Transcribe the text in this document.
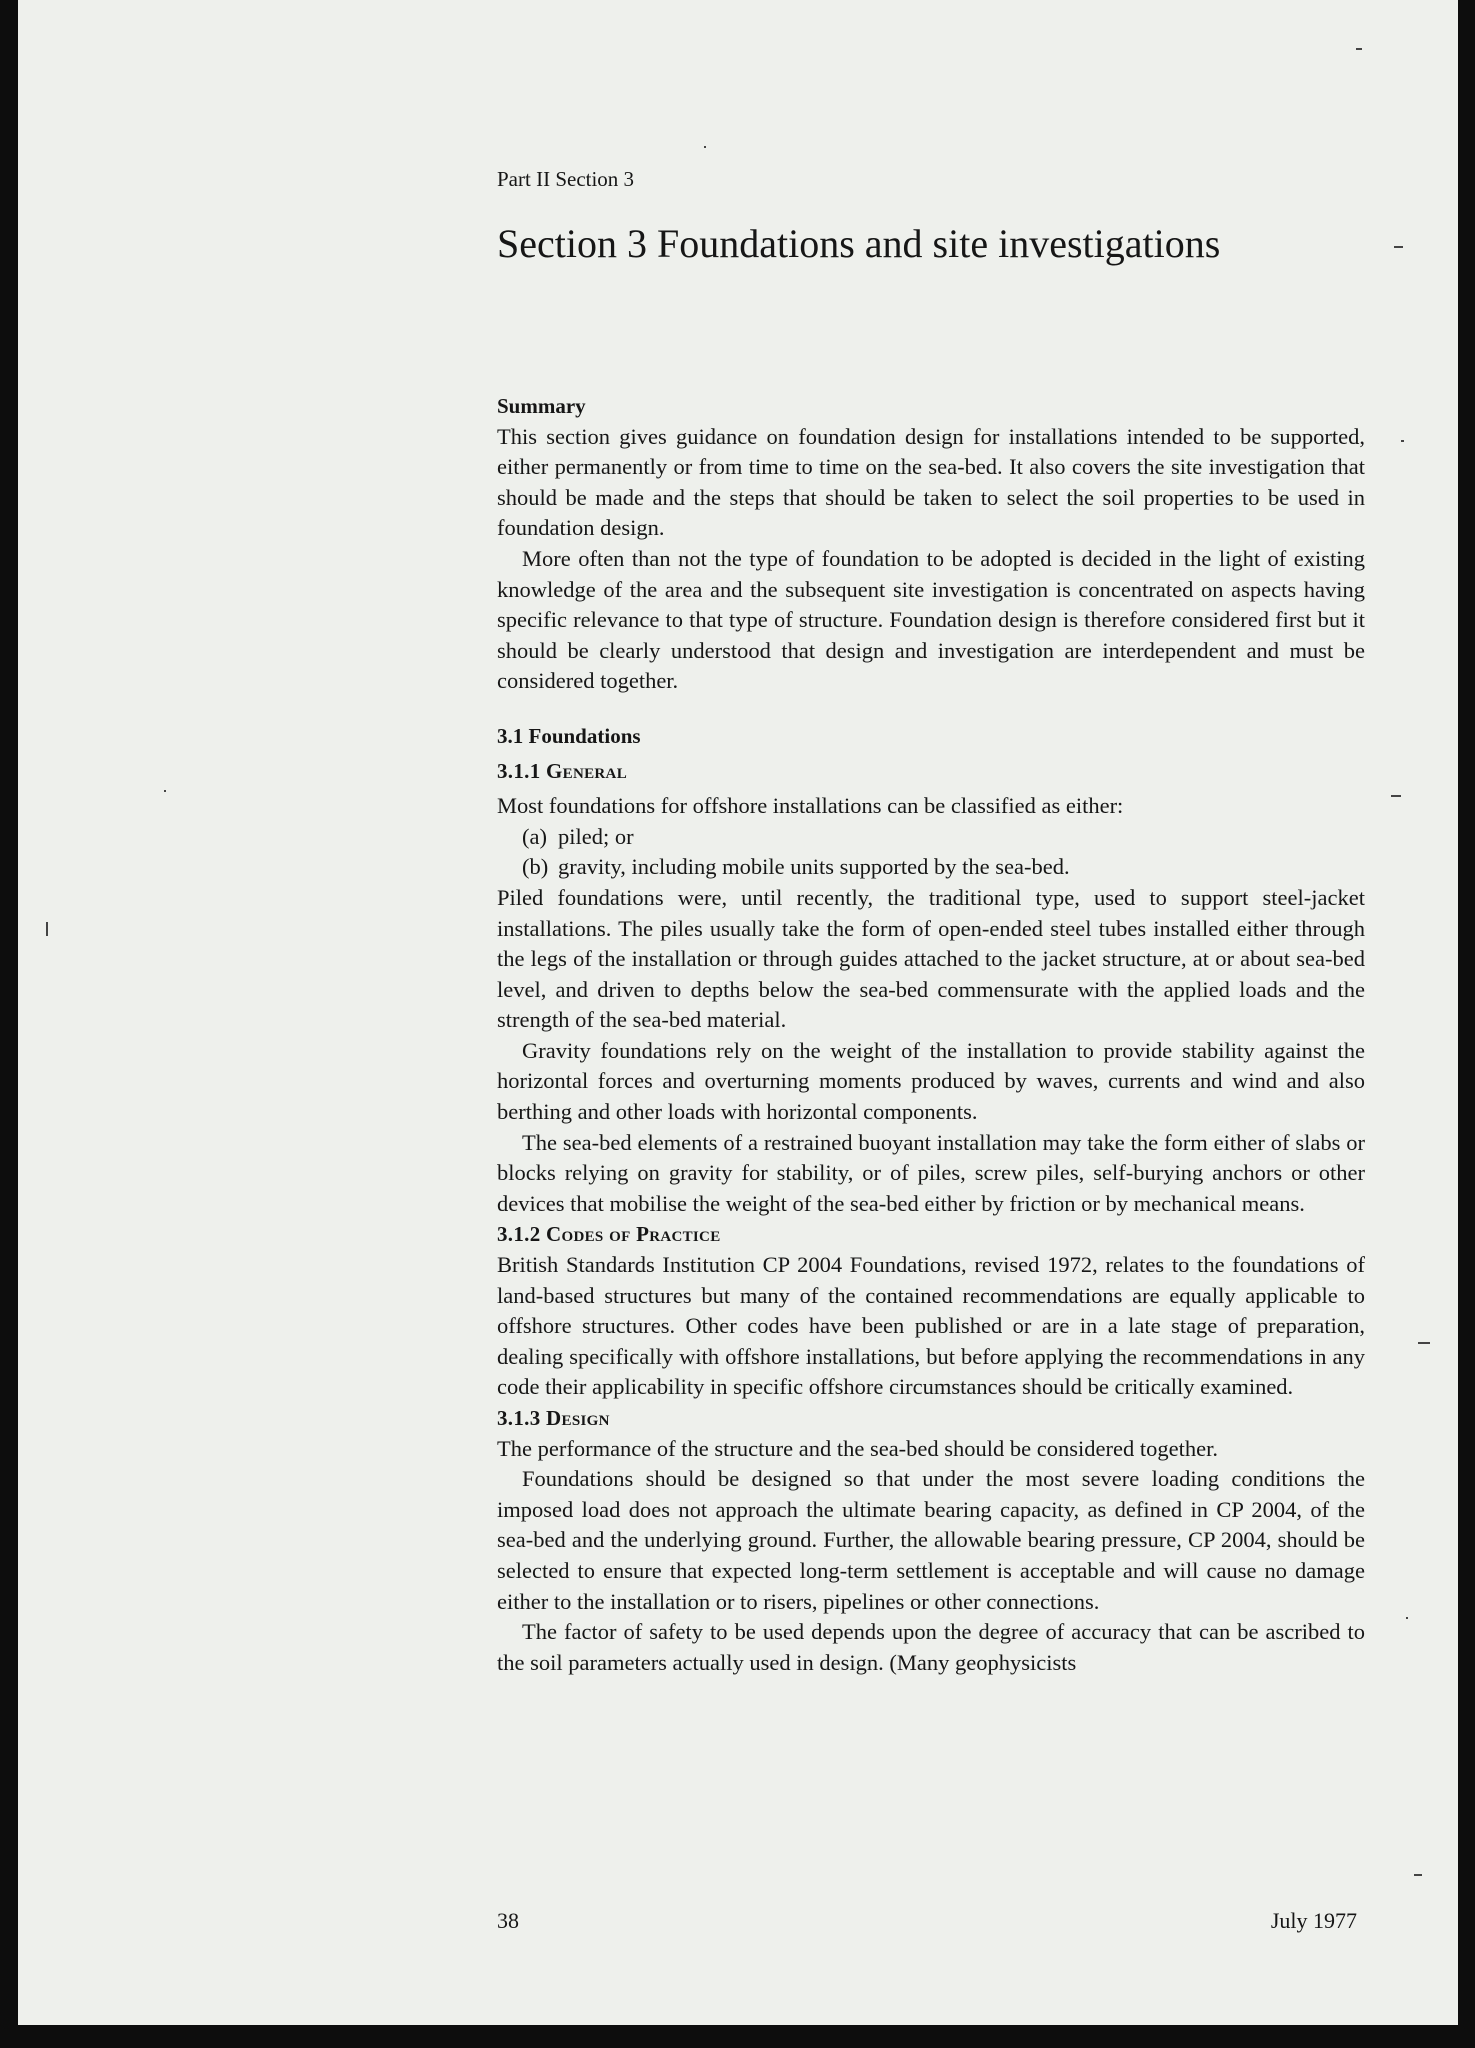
Part II Section 3
Section 3 Foundations and site investigations
Summary

This section gives guidance on foundation design for installations intended to be supported, either permanently or from time to time on the sea-bed. It also covers the site investigation that should be made and the steps that should be taken to select the soil properties to be used in foundation design.

More often than not the type of foundation to be adopted is decided in the light of existing knowledge of the area and the subsequent site investigation is concentrated on aspects having specific relevance to that type of structure. Foundation design is therefore considered first but it should be clearly understood that design and investigation are interdependent and must be considered together.

3.1 Foundations
3.1.1 General

Most foundations for offshore installations can be classified as either:

(a) piled; or
(b) gravity, including mobile units supported by the sea-bed.

Piled foundations were, until recently, the traditional type, used to support steel-jacket installations. The piles usually take the form of open-ended steel tubes installed either through the legs of the installation or through guides attached to the jacket structure, at or about sea-bed level, and driven to depths below the sea-bed commensurate with the applied loads and the strength of the sea-bed material.

Gravity foundations rely on the weight of the installation to provide stability against the horizontal forces and overturning moments produced by waves, currents and wind and also berthing and other loads with horizontal components.

The sea-bed elements of a restrained buoyant installation may take the form either of slabs or blocks relying on gravity for stability, or of piles, screw piles, self-burying anchors or other devices that mobilise the weight of the sea-bed either by friction or by mechanical means.

3.1.2 Codes of Practice

British Standards Institution CP 2004 Foundations, revised 1972, relates to the foundations of land-based structures but many of the contained recommendations are equally applicable to offshore structures. Other codes have been published or are in a late stage of preparation, dealing specifically with offshore installations, but before applying the recommendations in any code their applicability in specific offshore circumstances should be critically examined.

3.1.3 Design

The performance of the structure and the sea-bed should be considered together.

Foundations should be designed so that under the most severe loading conditions the imposed load does not approach the ultimate bearing capacity, as defined in CP 2004, of the sea-bed and the underlying ground. Further, the allowable bearing pressure, CP 2004, should be selected to ensure that expected long-term settlement is acceptable and will cause no damage either to the installation or to risers, pipelines or other connections.

The factor of safety to be used depends upon the degree of accuracy that can be ascribed to the soil parameters actually used in design. (Many geophysicists

38	July 1977
